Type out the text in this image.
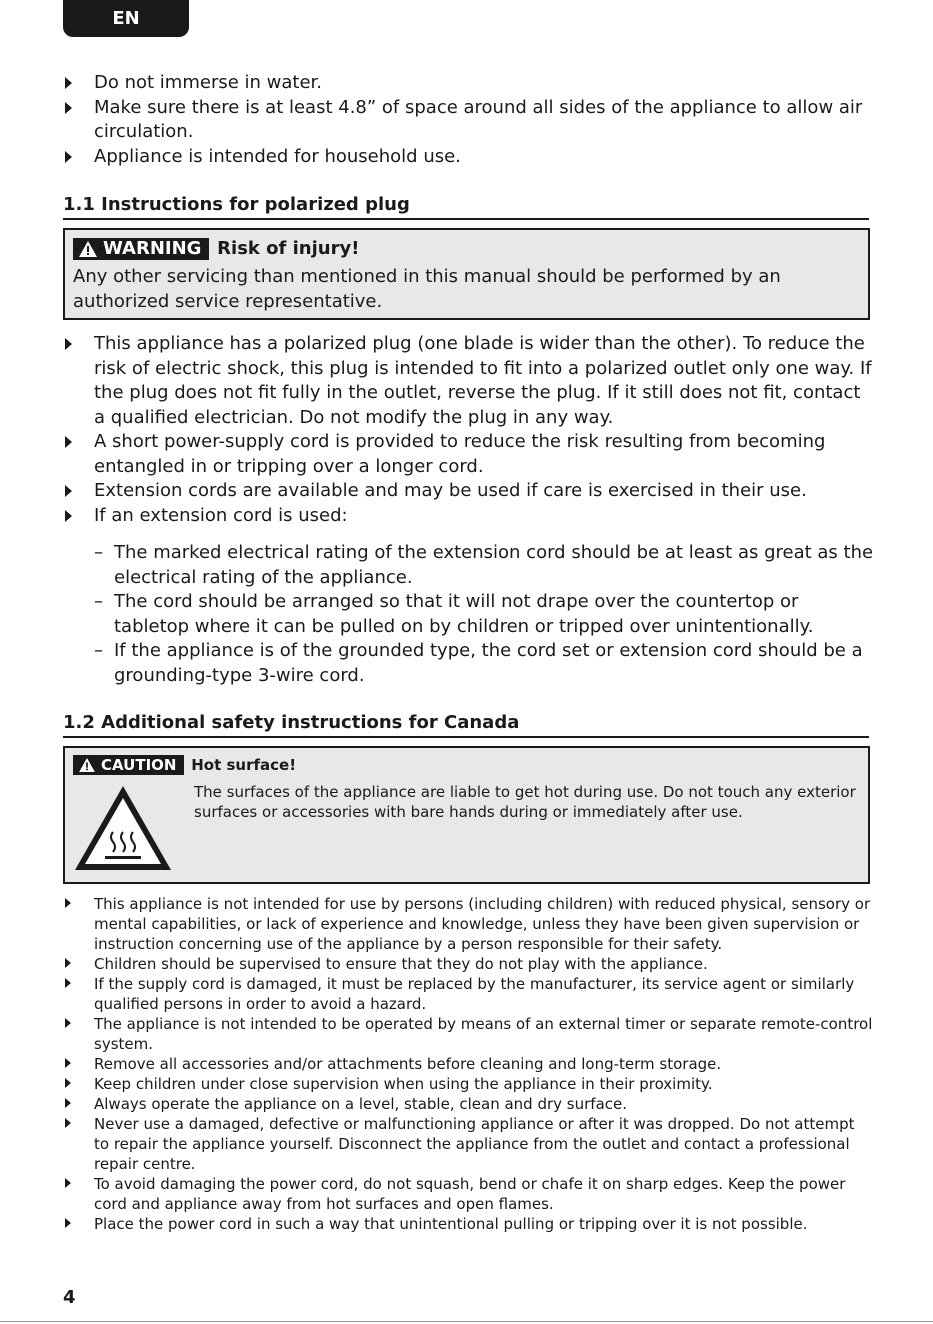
EN
Do not immerse in water.
Make sure there is at least 4.8” of space around all sides of the appliance to allow air circulation.
Appliance is intended for household use.
1.1 Instructions for polarized plug
WARNING Risk of injury!
Any other servicing than mentioned in this manual should be performed by an authorized service representative.
This appliance has a polarized plug (one blade is wider than the other). To reduce the risk of electric shock, this plug is intended to fit into a polarized outlet only one way. If the plug does not fit fully in the outlet, reverse the plug. If it still does not fit, contact a qualified electrician. Do not modify the plug in any way.
A short power-supply cord is provided to reduce the risk resulting from becoming entangled in or tripping over a longer cord.
Extension cords are available and may be used if care is exercised in their use.
If an extension cord is used:
– The marked electrical rating of the extension cord should be at least as great as the electrical rating of the appliance.
– The cord should be arranged so that it will not drape over the countertop or tabletop where it can be pulled on by children or tripped over unintentionally.
– If the appliance is of the grounded type, the cord set or extension cord should be a grounding-type 3-wire cord.
1.2 Additional safety instructions for Canada
CAUTION Hot surface!
The surfaces of the appliance are liable to get hot during use. Do not touch any exterior surfaces or accessories with bare hands during or immediately after use.
This appliance is not intended for use by persons (including children) with reduced physical, sensory or mental capabilities, or lack of experience and knowledge, unless they have been given supervision or instruction concerning use of the appliance by a person responsible for their safety.
Children should be supervised to ensure that they do not play with the appliance.
If the supply cord is damaged, it must be replaced by the manufacturer, its service agent or similarly qualified persons in order to avoid a hazard.
The appliance is not intended to be operated by means of an external timer or separate remote-control system.
Remove all accessories and/or attachments before cleaning and long-term storage.
Keep children under close supervision when using the appliance in their proximity.
Always operate the appliance on a level, stable, clean and dry surface.
Never use a damaged, defective or malfunctioning appliance or after it was dropped. Do not attempt to repair the appliance yourself. Disconnect the appliance from the outlet and contact a professional repair centre.
To avoid damaging the power cord, do not squash, bend or chafe it on sharp edges. Keep the power cord and appliance away from hot surfaces and open flames.
Place the power cord in such a way that unintentional pulling or tripping over it is not possible.
4
